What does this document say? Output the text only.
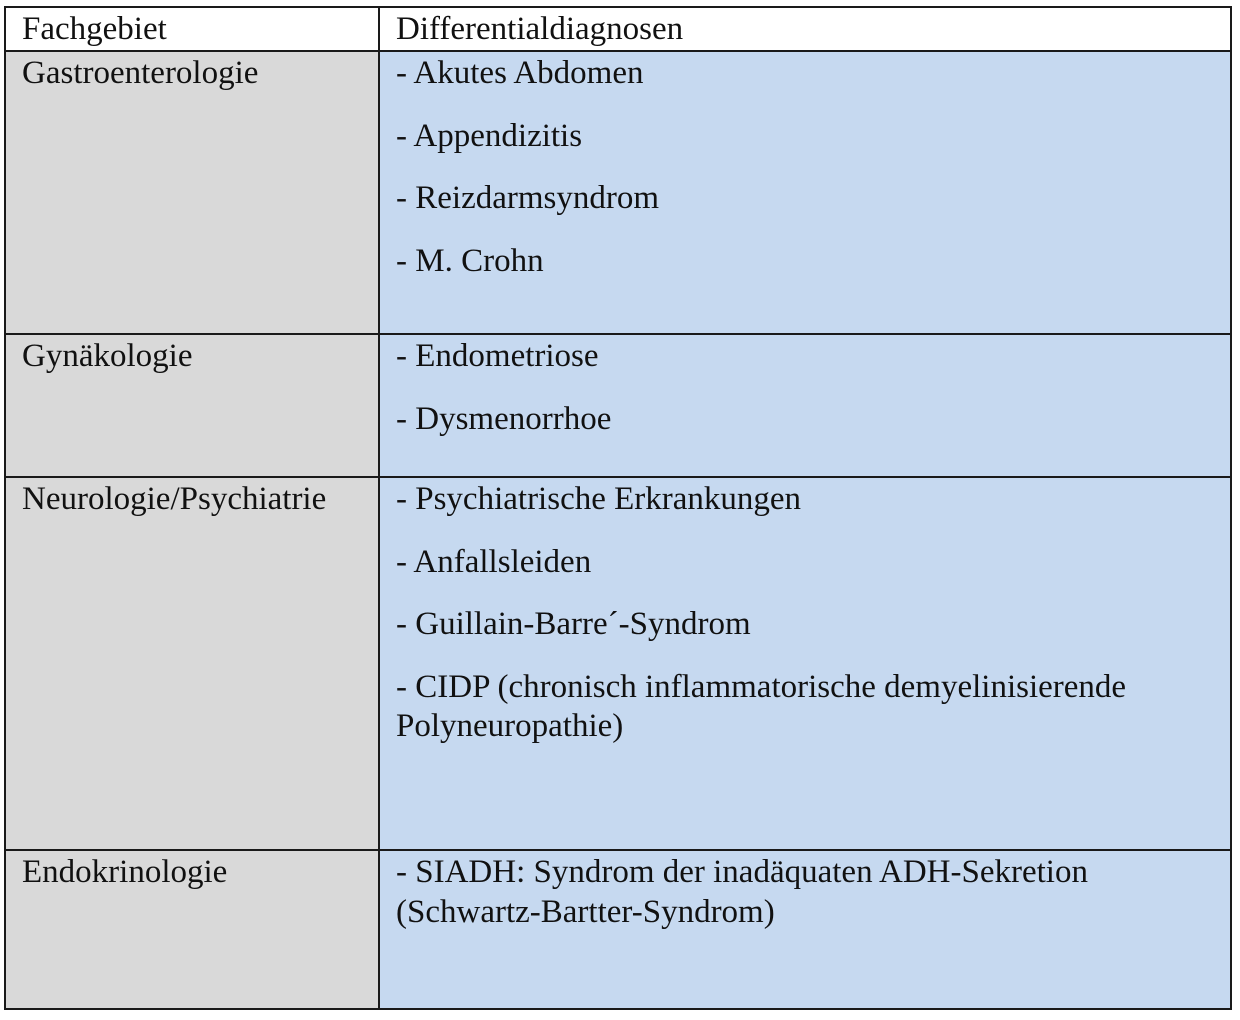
Fachgebiet	Differentialdiagnosen
Gastroenterologie	- Akutes Abdomen
- Appendizitis
- Reizdarmsyndrom
- M. Crohn
Gynäkologie	- Endometriose
- Dysmenorrhoe
Neurologie/Psychiatrie	- Psychiatrische Erkrankungen
- Anfallsleiden
- Guillain-Barre´-Syndrom
- CIDP (chronisch inflammatorische demyelinisierende Polyneuropathie)
Endokrinologie	- SIADH: Syndrom der inadäquaten ADH-Sekretion (Schwartz-Bartter-Syndrom)
